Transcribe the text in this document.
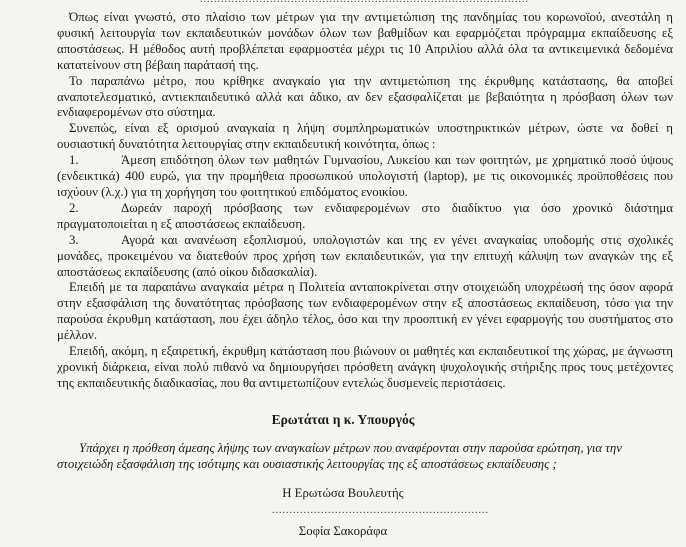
Όπως είναι γνωστό, στο πλαίσιο των μέτρων για την αντιμετώπιση της πανδημίας του κορωνοϊού, ανεστάλη η φυσική λειτουργία των εκπαιδευτικών μονάδων όλων των βαθμίδων και εφαρμόζεται πρόγραμμα εκπαίδευσης εξ αποστάσεως. Η μέθοδος αυτή προβλέπεται εφαρμοστέα μέχρι τις 10 Απριλίου αλλά όλα τα αντικειμενικά δεδομένα κατατείνουν στη βέβαιη παράτασή της.

Το παραπάνω μέτρο, που κρίθηκε αναγκαίο για την αντιμετώπιση της έκρυθμης κατάστασης, θα αποβεί αναποτελεσματικό, αντιεκπαιδευτικό αλλά και άδικο, αν δεν εξασφαλίζεται με βεβαιότητα η πρόσβαση όλων των ενδιαφερομένων στο σύστημα.

Συνεπώς, είναι εξ ορισμού αναγκαία η λήψη συμπληρωματικών υποστηρικτικών μέτρων, ώστε να δοθεί η ουσιαστική δυνατότητα λειτουργίας στην εκπαιδευτική κοινότητα, όπως :

1.	Άμεση επιδότηση όλων των μαθητών Γυμνασίου, Λυκείου και των φοιτητών, με χρηματικό ποσό ύψους (ενδεικτικά) 400 ευρώ, για την προμήθεια προσωπικού υπολογιστή (laptop), με τις οικονομικές προϋποθέσεις που ισχύουν (λ.χ.) για τη χορήγηση του φοιτητικού επιδόματος ενοικίου.

2.	Δωρεάν παροχή πρόσβασης των ενδιαφερομένων στο διαδίκτυο για όσο χρονικό διάστημα πραγματοποιείται η εξ αποστάσεως εκπαίδευση.

3.	Αγορά και ανανέωση εξοπλισμού, υπολογιστών και της εν γένει αναγκαίας υποδομής στις σχολικές μονάδες, προκειμένου να διατεθούν προς χρήση των εκπαιδευτικών, για την επιτυχή κάλυψη των αναγκών της εξ αποστάσεως εκπαίδευσης (από οίκου διδασκαλία).

Επειδή με τα παραπάνω αναγκαία μέτρα η Πολιτεία ανταποκρίνεται στην στοιχειώδη υποχρέωσή της όσον αφορά στην εξασφάλιση της δυνατότητας πρόσβασης των ενδιαφερομένων στην εξ αποστάσεως εκπαίδευση, τόσο για την παρούσα έκρυθμη κατάσταση, που έχει άδηλο τέλος, όσο και την προοπτική εν γένει εφαρμογής του συστήματος στο μέλλον.

Επειδή, ακόμη, η εξαιρετική, έκρυθμη κατάσταση που βιώνουν οι μαθητές και εκπαιδευτικοί της χώρας, με άγνωστη χρονική διάρκεια, είναι πολύ πιθανό να δημιουργήσει πρόσθετη ανάγκη ψυχολογικής στήριξης προς τους μετέχοντες της εκπαιδευτικής διαδικασίας, που θα αντιμετωπίζουν εντελώς δυσμενείς περιστάσεις.

Ερωτάται η κ. Υπουργός

Υπάρχει η πρόθεση άμεσης λήψης των αναγκαίων μέτρων που αναφέρονται στην παρούσα ερώτηση, για την στοιχειώδη εξασφάλιση της ισότιμης και ουσιαστικής λειτουργίας της εξ αποστάσεως εκπαίδευσης ;

Η Ερωτώσα Βουλευτής
..............................................................
Σοφία Σακοράφα
